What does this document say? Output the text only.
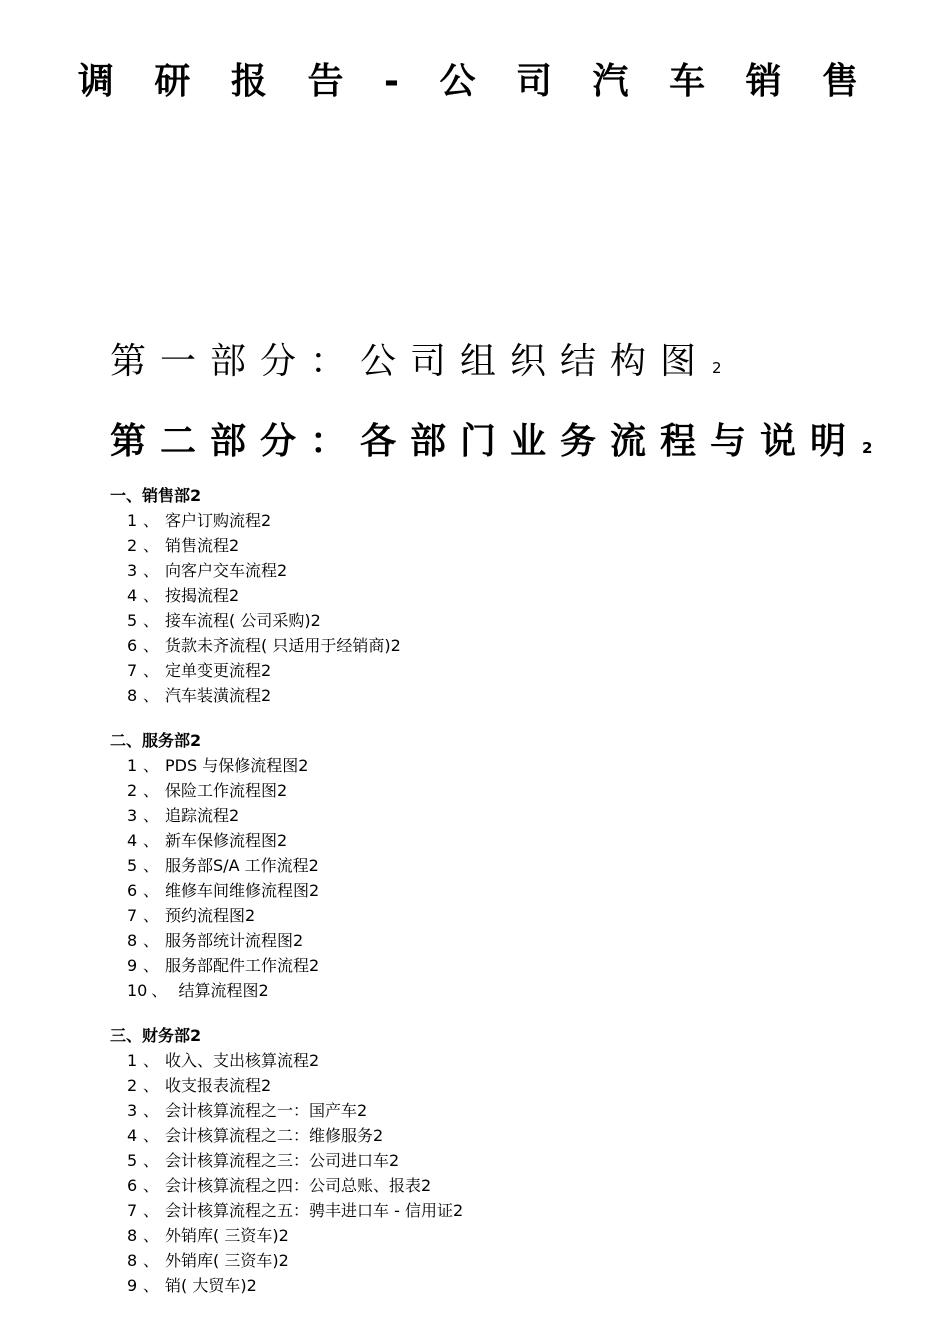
调 研 报 告 - 公 司 汽 车 销 售
第一部分：公司组织结构图 2
第二部分：各部门业务流程与说明 2
一、销售部2
1 、 客户订购流程2
2 、 销售流程2
3 、 向客户交车流程2
4 、 按揭流程2
5 、 接车流程( 公司采购)2
6 、 货款未齐流程( 只适用于经销商)2
7 、 定单变更流程2
8 、 汽车装潢流程2
二、服务部2
1 、 PDS 与保修流程图2
2 、 保险工作流程图2
3 、 追踪流程2
4 、 新车保修流程图2
5 、 服务部S/A 工作流程2
6 、 维修车间维修流程图2
7 、 预约流程图2
8 、 服务部统计流程图2
9 、 服务部配件工作流程2
10 、 结算流程图2
三、财务部2
1 、 收入、支出核算流程2
2 、 收支报表流程2
3 、 会计核算流程之一：国产车2
4 、 会计核算流程之二：维修服务2
5 、 会计核算流程之三：公司进口车2
6 、 会计核算流程之四：公司总账、报表2
7 、 会计核算流程之五：骋丰进口车 - 信用证2
8 、 外销库( 三资车)2
8 、 外销库( 三资车)2
9 、 销( 大贸车)2
